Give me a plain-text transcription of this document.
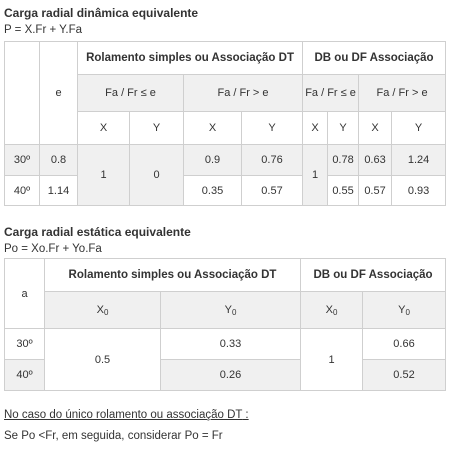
Carga radial dinâmica equivalente
P = X.Fr + Y.Fa
	e	Rolamento simples ou Associação DT				DB ou DF Associação			
		Fa / Fr ≤ e		Fa / Fr > e		Fa / Fr ≤ e		Fa / Fr > e	
		X	Y	X	Y	X	Y	X	Y
30º	0.8	1	0	0.9	0.76	1	0.78	0.63	1.24
40º	1.14			0.35	0.57		0.55	0.57	0.93
Carga radial estática equivalente
Po = Xo.Fr + Yo.Fa
a	Rolamento simples ou Associação DT		DB ou DF Associação	
	$X_0$	$Y_0$	$X_0$	$Y_0$
30º	0.5	0.33	1	0.66
40º		0.26		0.52
No caso do único rolamento ou associação DT :
Se Po <Fr, em seguida, considerar Po = Fr
